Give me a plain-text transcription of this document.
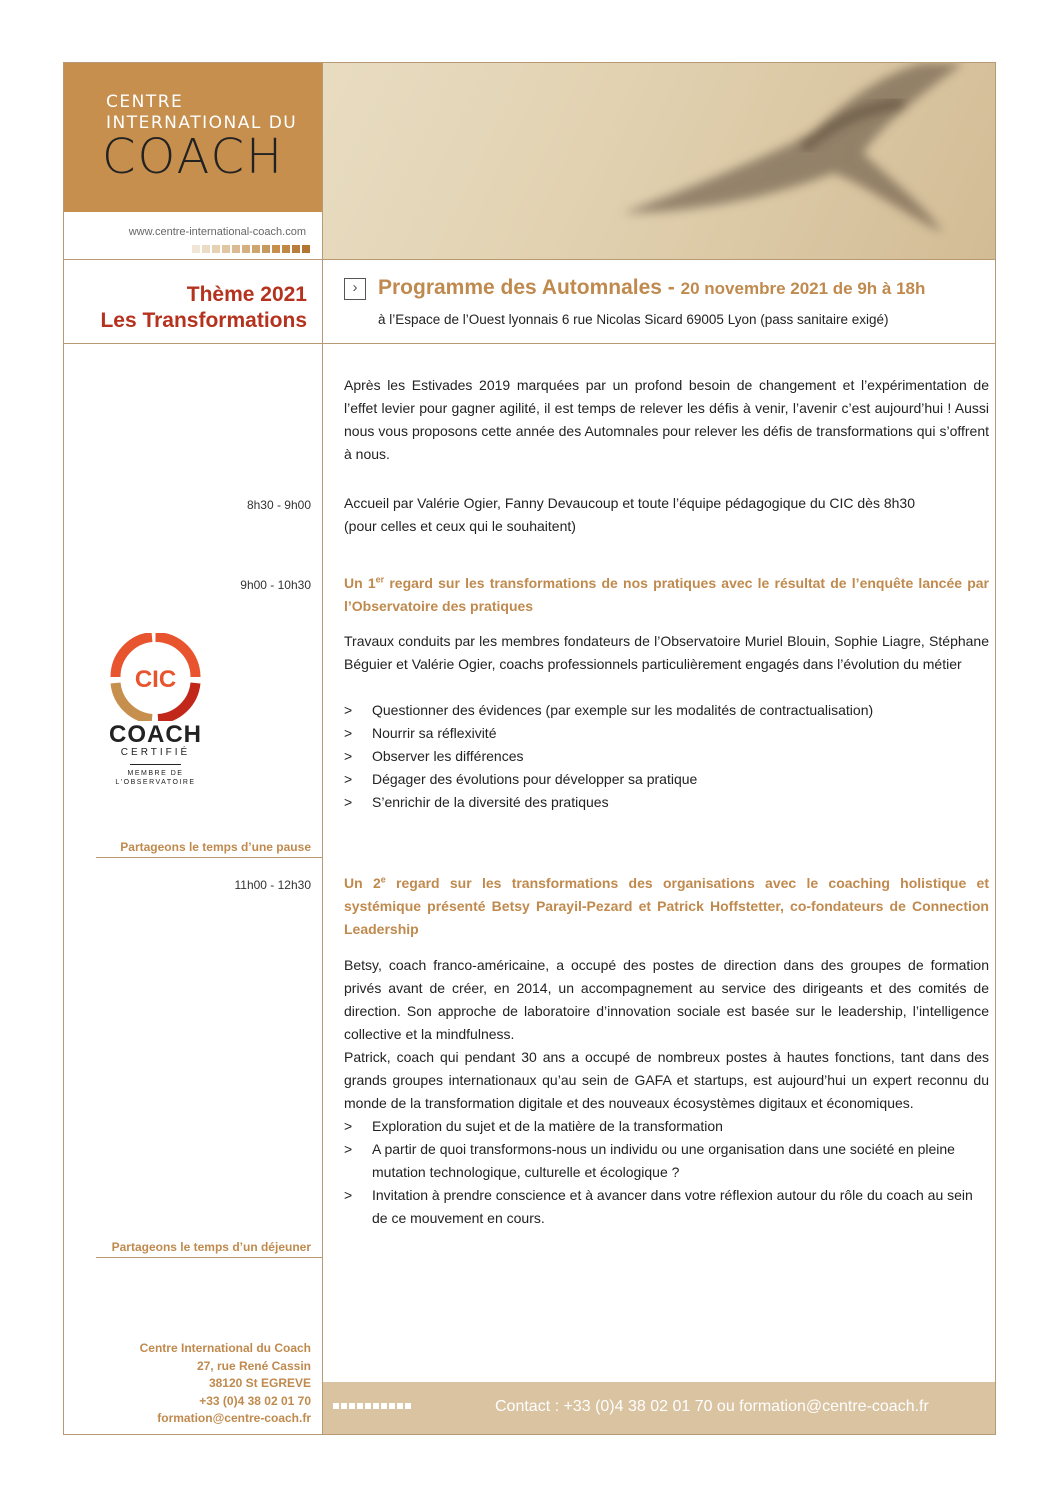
CENTRE
INTERNATIONAL DU
COACH
www.centre-international-coach.com
Thème 2021
Les Transformations
› Programme des Automnales - 20 novembre 2021 de 9h à 18h
à l’Espace de l’Ouest lyonnais 6 rue Nicolas Sicard 69005 Lyon (pass sanitaire exigé)
Après les Estivades 2019 marquées par un profond besoin de changement et l’expérimentation de l’effet levier pour gagner agilité, il est temps de relever les défis à venir, l’avenir c’est aujourd’hui ! Aussi nous vous proposons cette année des Automnales pour relever les défis de transformations qui s’offrent à nous.
8h30 - 9h00 Accueil par Valérie Ogier, Fanny Devaucoup et toute l’équipe pédagogique du CIC dès 8h30
(pour celles et ceux qui le souhaitent)
9h00 - 10h30 Un 1er regard sur les transformations de nos pratiques avec le résultat de l’enquête lancée par l’Observatoire des pratiques
Travaux conduits par les membres fondateurs de l’Observatoire Muriel Blouin, Sophie Liagre, Stéphane Béguier et Valérie Ogier, coachs professionnels particulièrement engagés dans l’évolution du métier
> Questionner des évidences (par exemple sur les modalités de contractualisation)
> Nourrir sa réflexivité
> Observer les différences
> Dégager des évolutions pour développer sa pratique
> S’enrichir de la diversité des pratiques
CIC
COACH
CERTIFIÉ
MEMBRE DE
L'OBSERVATOIRE
Partageons le temps d’une pause
11h00 - 12h30 Un 2e regard sur les transformations des organisations avec le coaching holistique et systémique présenté Betsy Parayil-Pezard et Patrick Hoffstetter, co-fondateurs de Connection Leadership
Betsy, coach franco-américaine, a occupé des postes de direction dans des groupes de formation privés avant de créer, en 2014, un accompagnement au service des dirigeants et des comités de direction. Son approche de laboratoire d’innovation sociale est basée sur le leadership, l’intelligence collective et la mindfulness.
Patrick, coach qui pendant 30 ans a occupé de nombreux postes à hautes fonctions, tant dans des grands groupes internationaux qu’au sein de GAFA et startups, est aujourd’hui un expert reconnu du monde de la transformation digitale et des nouveaux écosystèmes digitaux et économiques.
> Exploration du sujet et de la matière de la transformation
> A partir de quoi transformons-nous un individu ou une organisation dans une société en pleine mutation technologique, culturelle et écologique ?
> Invitation à prendre conscience et à avancer dans votre réflexion autour du rôle du coach au sein de ce mouvement en cours.
Partageons le temps d’un déjeuner
Centre International du Coach
27, rue René Cassin
38120 St EGREVE
+33 (0)4 38 02 01 70
formation@centre-coach.fr
Contact : +33 (0)4 38 02 01 70 ou formation@centre-coach.fr
